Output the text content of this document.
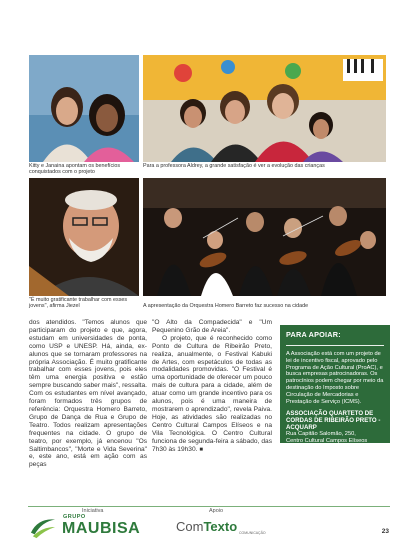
Kitty e Janaina apontam os benefícios conquistados com o projeto
Para a professora Aldrey, a grande satisfação é ver a evolução das crianças
"É muito gratificante trabalhar com esses jovens", afirma Jiezel	A apresentação da Orquestra Homero Barreto faz sucesso na cidade

dos atendidos. "Temos alunos que participaram do projeto e que, agora, estudam em universidades de ponta, como USP e UNESP. Há, ainda, ex-alunos que se tornaram professores na própria Associação. É muito gratificante trabalhar com esses jovens, pois eles têm uma energia positiva e estão sempre buscando saber mais", ressalta. Com os estudantes em nível avançado, foram formados três grupos de referência: Orquestra Homero Barreto, Grupo de Dança de Rua e Grupo de Teatro. Todos realizam apresentações frequentes na cidade. O grupo de teatro, por exemplo, já encenou "Os Saltimbancos", "Morte e Vida Severina" e, este ano, está em ação com as peças

"O Alto da Compadecida" e "Um Pequenino Grão de Areia".

O projeto, que é reconhecido como Ponto de Cultura de Ribeirão Preto, realiza, anualmente, o Festival Kabuki de Artes, com espetáculos de todas as modalidades promovidas. "O Festival é uma oportunidade de oferecer um pouco mais de cultura para a cidade, além de atuar como um grande incentivo para os alunos, pois é uma maneira de mostrarem o aprendizado", revela Paiva. Hoje, as atividades são realizadas no Centro Cultural Campos Elíseos e na Vila Tecnológica. O Centro Cultural funciona de segunda-feira a sábado, das 7h30 às 19h30. ■

PARA APOIAR:
A Associação está com um projeto de lei de incentivo fiscal, aprovado pelo Programa de Ação Cultural (ProAC), e busca empresas patrocinadoras. Os patrocínios podem chegar por meio da destinação do Imposto sobre Circulação de Mercadorias e Prestação de Serviço (ICMS).
ASSOCIAÇÃO QUARTETO DE CORDAS DE RIBEIRÃO PRETO - ACQUARP
Rua Capitão Salomão, 250,
Centro Cultural Campos Elíseos
Tel.: (16) 3635.5667
E-mail: acquarp@acquarp.com.br
www.acquarp.com.br
Iniciativa	Apoio
GRUPO
MAUBISA	ComTexto COMUNICAÇÃO	23
